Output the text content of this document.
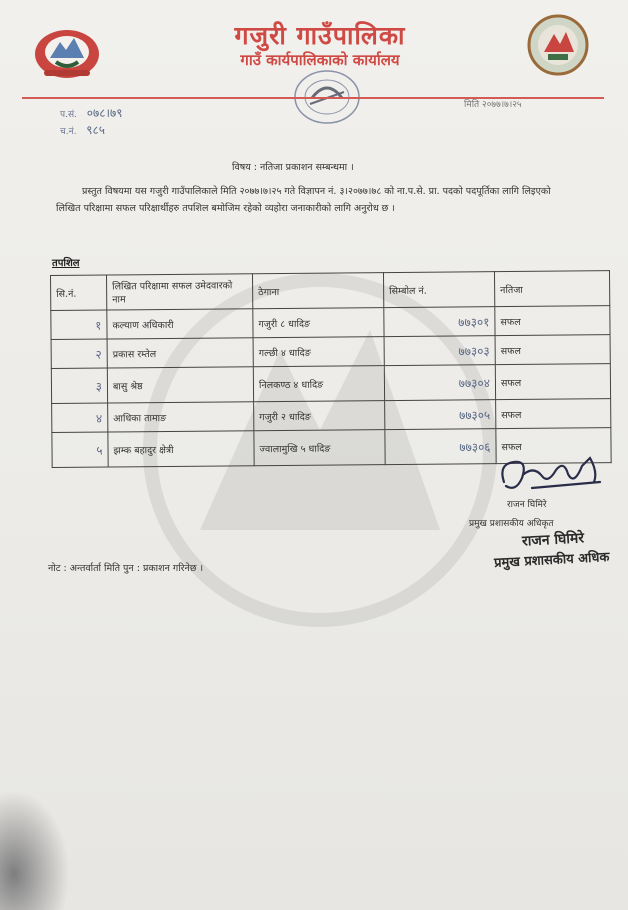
गजुरी गाउँपालिका
गाउँ कार्यपालिकाको कार्यालय
प.सं. ०७८।७९
च.नं. ९८५
मिति २०७७।७।२५
विषय : नतिजा प्रकाशन सम्बन्धमा ।
प्रस्तुत विषयमा यस गजुरी गाउँपालिकाले मिति २०७७।७।२५ गते विज्ञापन नं. ३।२०७७।७८ को ना.प.से. प्रा. पदको पदपूर्तिका लागि लिइएको लिखित परिक्षामा सफल परिक्षार्थीहरु तपशिल बमोजिम रहेको व्यहोरा जनाकारीको लागि अनुरोध छ ।
तपशिल
सि.नं.	लिखित परिक्षामा सफल उमेदवारको नाम	ठेगाना	सिम्बोल नं.	नतिजा
१	कल्याण अधिकारी	गजुरी ८ धादिङ	७७३०१	सफल
२	प्रकास रम्तेल	गल्छी ४ धादिङ	७७३०३	सफल
३	बासु श्रेष्ठ	निलकण्ठ ४ धादिङ	७७३०४	सफल
४	आधिका तामाङ	गजुरी २ धादिङ	७७३०५	सफल
५	झम्क बहादुर क्षेत्री	ज्वालामुखि ५ धादिङ	७७३०६	सफल
राजन घिमिरे
प्रमुख प्रशासकीय अधिकृत
राजन घिमिरे
प्रमुख प्रशासकीय अधिक
नोट : अन्तर्वार्ता मिति पुन : प्रकाशन गरिनेछ ।
